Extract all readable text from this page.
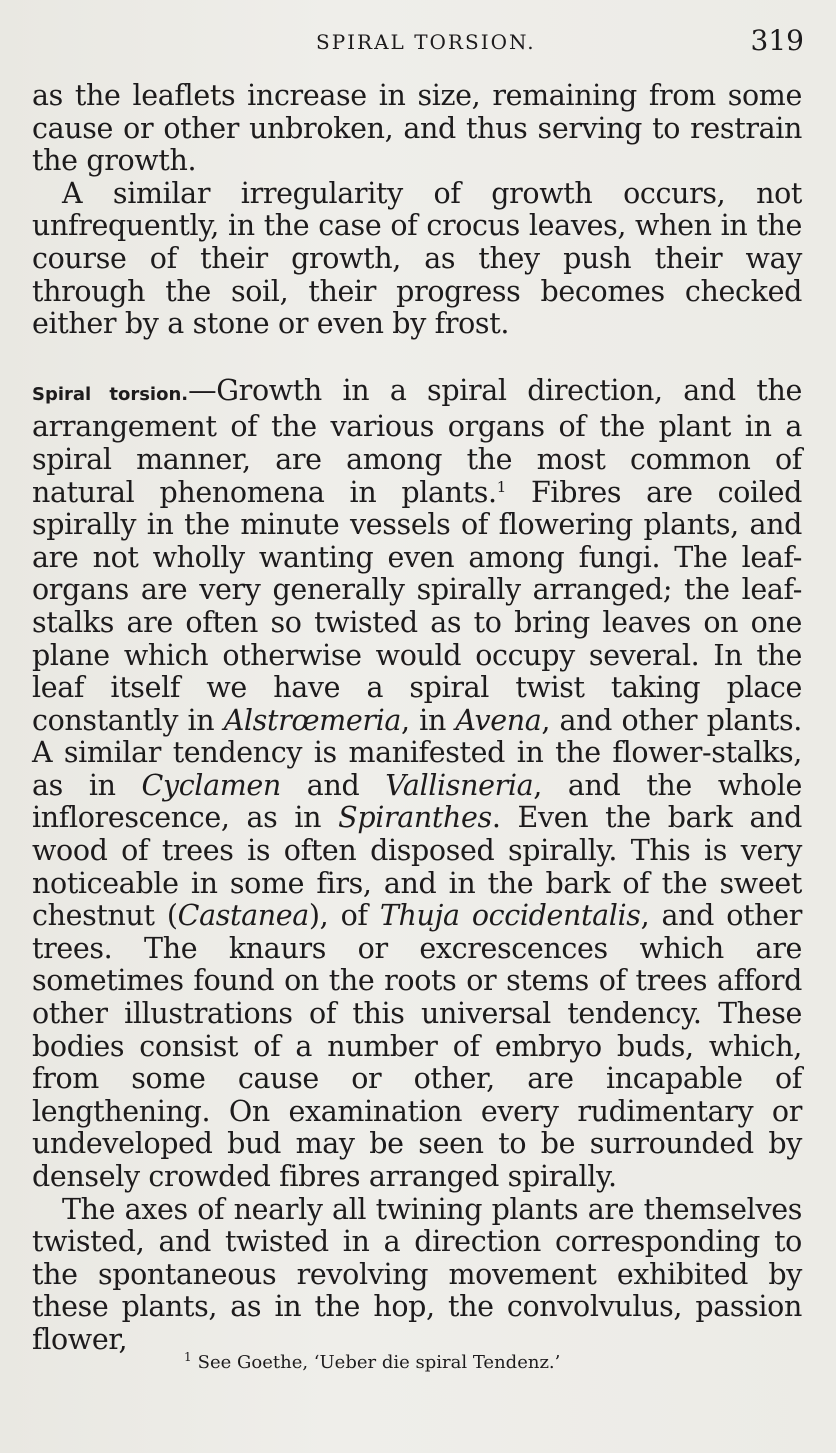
SPIRAL TORSION.	319

as the leaflets increase in size, remaining from some cause or other unbroken, and thus serving to restrain the growth.

A similar irregularity of growth occurs, not unfrequently, in the case of crocus leaves, when in the course of their growth, as they push their way through the soil, their progress becomes checked either by a stone or even by frost.

Spiral torsion.—Growth in a spiral direction, and the arrangement of the various organs of the plant in a spiral manner, are among the most common of natural phenomena in plants.$^1$ Fibres are coiled spirally in the minute vessels of flowering plants, and are not wholly wanting even among fungi. The leaf-organs are very generally spirally arranged; the leaf-stalks are often so twisted as to bring leaves on one plane which otherwise would occupy several. In the leaf itself we have a spiral twist taking place constantly in Alstrœmeria, in Avena, and other plants. A similar tendency is manifested in the flower-stalks, as in Cyclamen and Vallisneria, and the whole inflorescence, as in Spiranthes. Even the bark and wood of trees is often disposed spirally. This is very noticeable in some firs, and in the bark of the sweet chestnut (Castanea), of Thuja occidentalis, and other trees. The knaurs or excrescences which are sometimes found on the roots or stems of trees afford other illustrations of this universal tendency. These bodies consist of a number of embryo buds, which, from some cause or other, are incapable of lengthening. On examination every rudimentary or undeveloped bud may be seen to be surrounded by densely crowded fibres arranged spirally.

The axes of nearly all twining plants are themselves twisted, and twisted in a direction corresponding to the spontaneous revolving movement exhibited by these plants, as in the hop, the convolvulus, passion flower,

$^1$ See Goethe, ‘Ueber die spiral Tendenz.’
